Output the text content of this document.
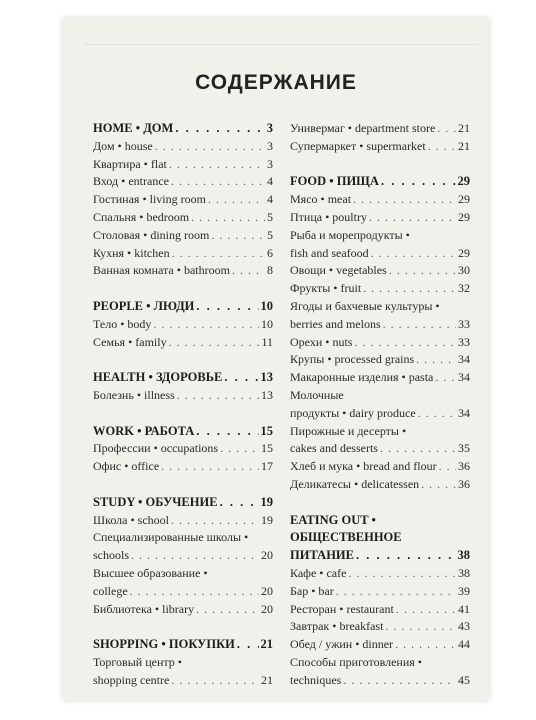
СОДЕРЖАНИЕ
HOME • ДОМ . . .	3
Дом • house . . .	3
Квартира • flat . . .	3
Вход • entrance . . .	4
Гостиная • living room . . .	4
Спальня • bedroom . . .	5
Столовая • dining room . . .	5
Кухня • kitchen . . .	6
Ванная комната • bathroom . . .	8
PEOPLE • ЛЮДИ . . .	10
Тело • body . . .	10
Семья • family . . .	11
HEALTH • ЗДОРОВЬЕ . . .	13
Болезнь • illness . . .	13
WORK • РАБОТА . . .	15
Профессии • occupations . . .	15
Офис • office . . .	17
STUDY • ОБУЧЕНИЕ . . .	19
Школа • school . . .	19
Специализированные школы •
schools . . .	20
Высшее образование •
college . . .	20
Библиотека • library . . .	20
SHOPPING • ПОКУПКИ . . . 21
Торговый центр •
shopping centre . . .	21
Универмаг • department store . . . 21
Супермаркет • supermarket . . .	21
FOOD • ПИЩА . . .	29
Мясо • meat . . .	29
Птица • poultry . . .	29
Рыба и морепродукты •
fish and seafood . . .	29
Овощи • vegetables . . .	30
Фрукты • fruit . . .	32
Ягоды и бахчевые культуры •
berries and melons . . .	33
Орехи • nuts . . .	33
Крупы • processed grains . . .	34
Макаронные изделия • pasta . . . 34
Молочные
продукты • dairy produce . . .	34
Пирожные и десерты •
cakes and desserts . . .	35
Хлеб и мука • bread and flour . . . 36
Деликатесы • delicatessen . . .	36
EATING OUT •
ОБЩЕСТВЕННОЕ
ПИТАНИЕ . . .	38
Кафе • cafe . . .	38
Бар • bar . . .	39
Ресторан • restaurant . . .	41
Завтрак • breakfast . . .	43
Обед / ужин • dinner . . .	44
Способы приготовления •
techniques . . .	45
